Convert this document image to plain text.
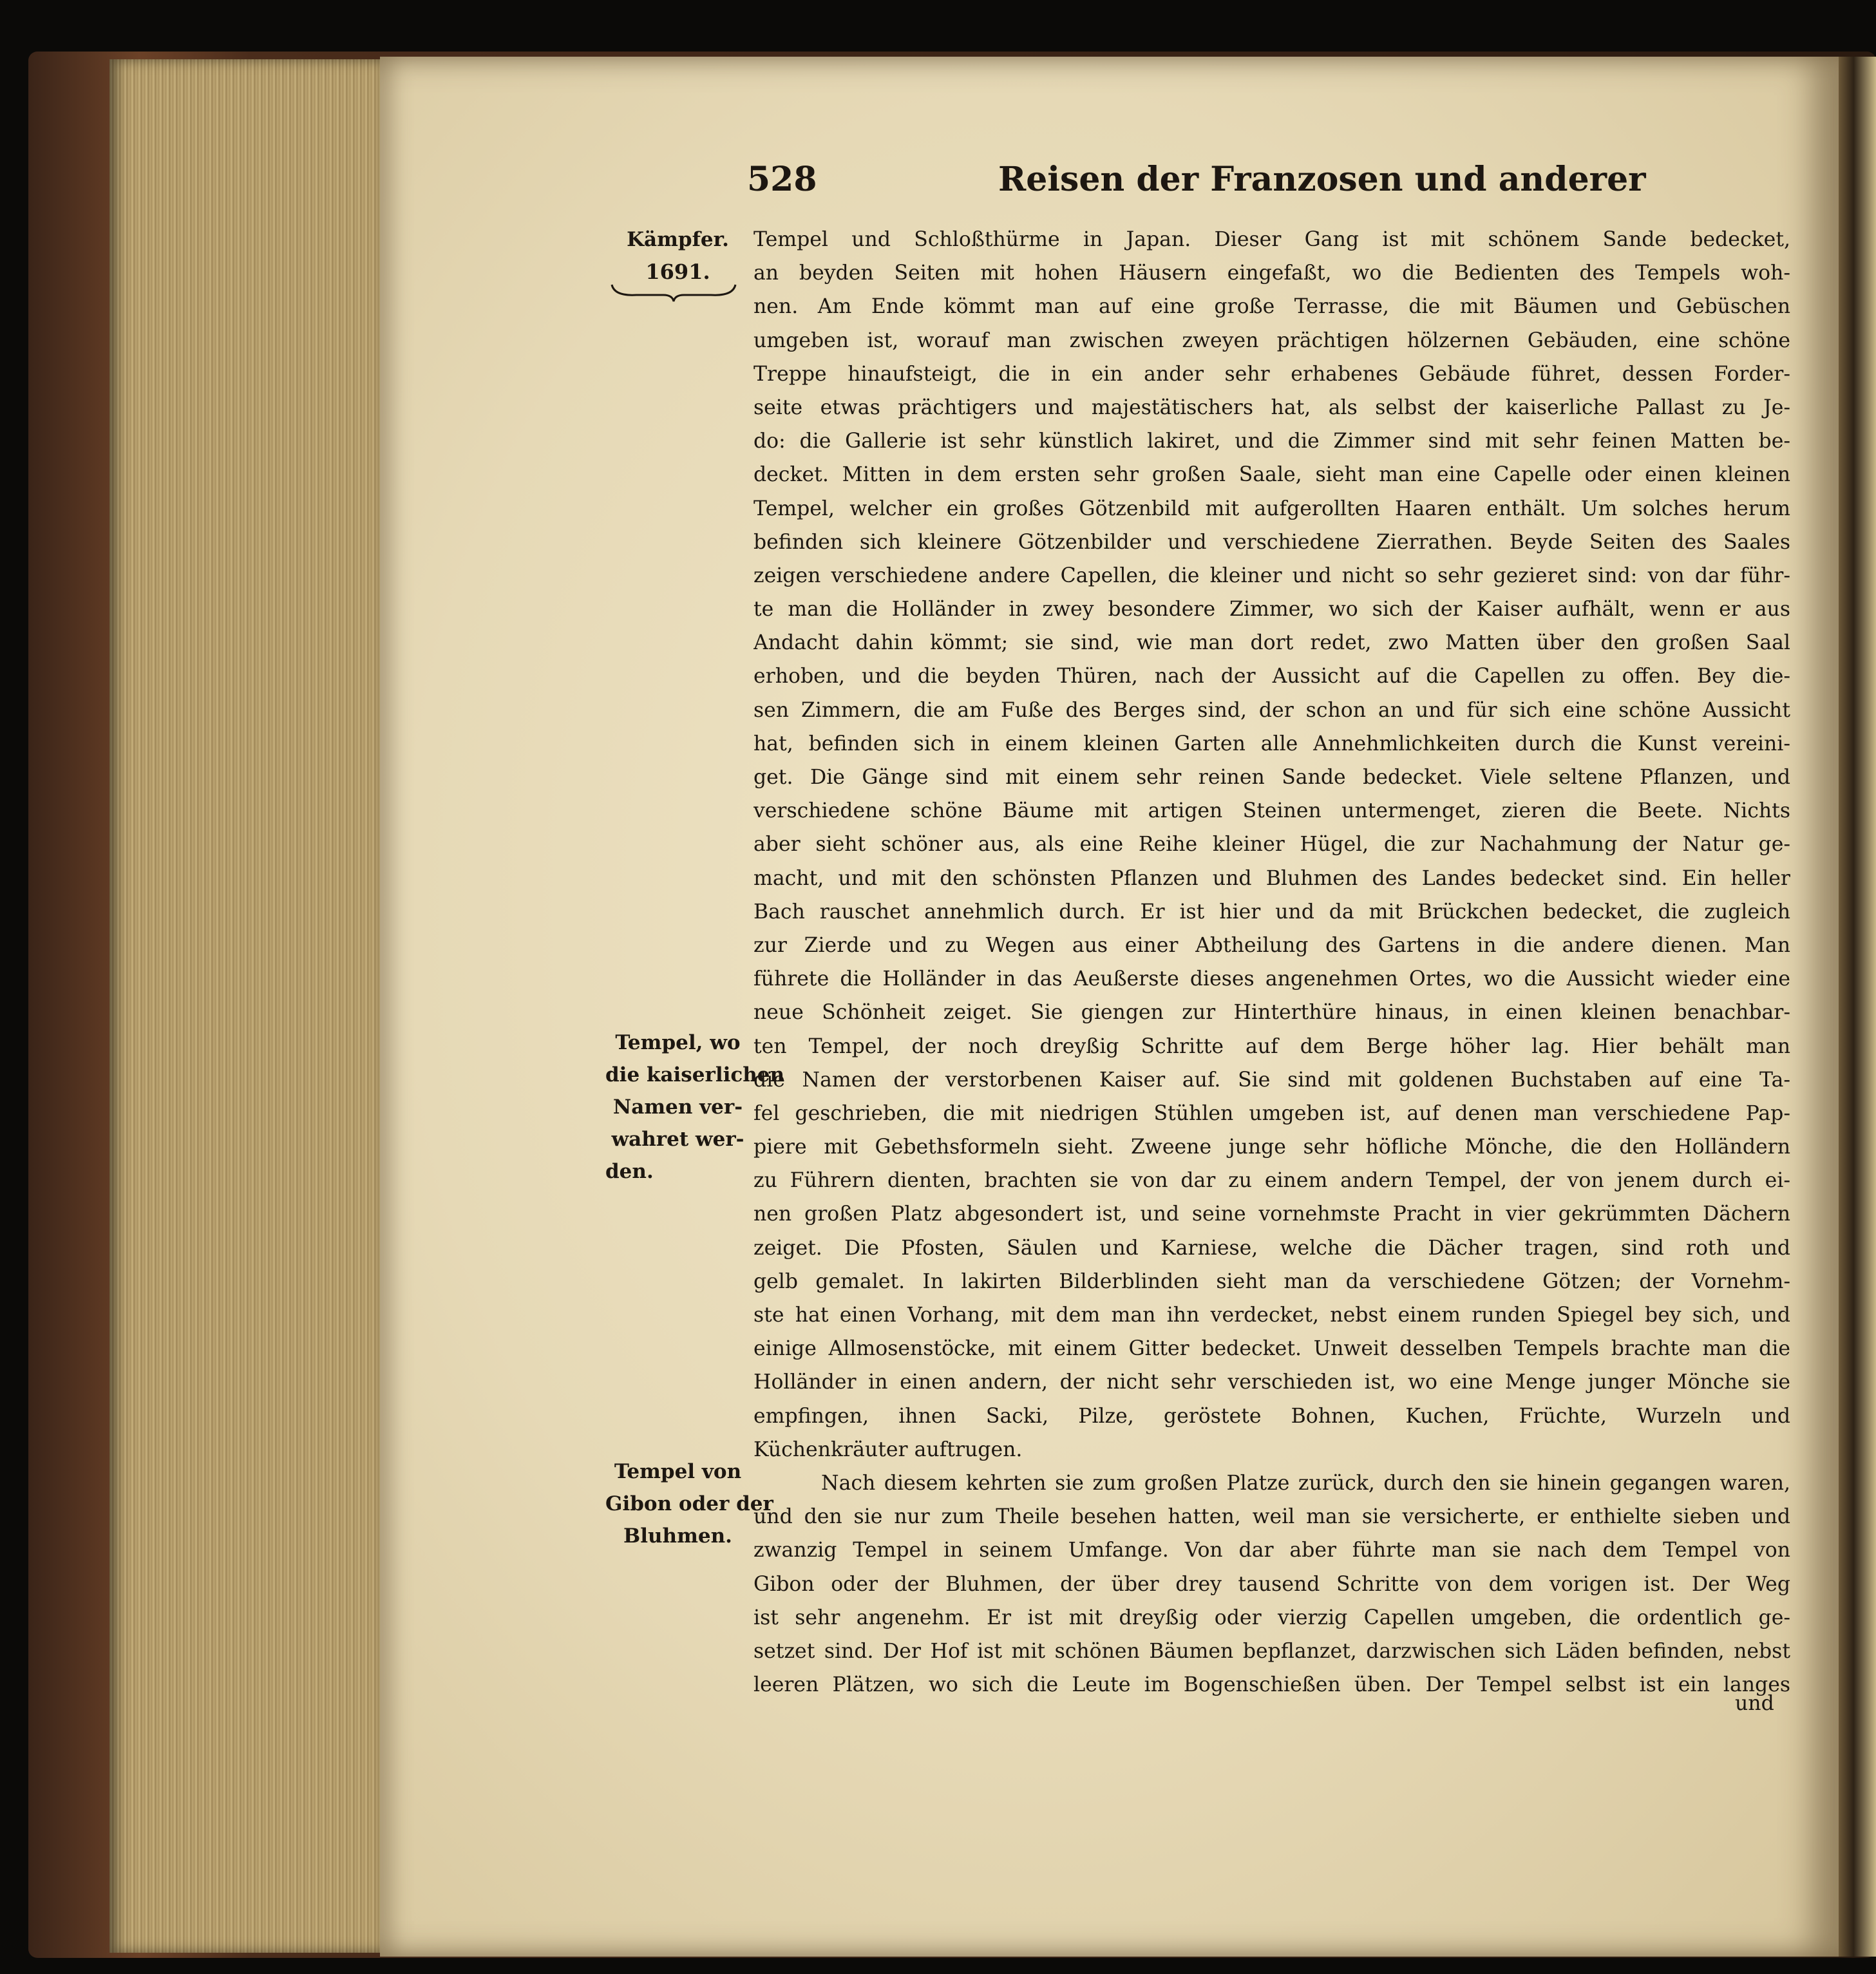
528	Reisen der Franzosen und anderer
Kämpfer.
1691.
Tempel, wo
die kaiserlichen
Namen ver-
wahret wer-
den.
Tempel von
Gibon oder der
Bluhmen.
Tempel und Schloßthürme in Japan. Dieser Gang ist mit schönem Sande bedecket,
an beyden Seiten mit hohen Häusern eingefaßt, wo die Bedienten des Tempels woh-
nen. Am Ende kömmt man auf eine große Terrasse, die mit Bäumen und Gebüschen
umgeben ist, worauf man zwischen zweyen prächtigen hölzernen Gebäuden, eine schöne
Treppe hinaufsteigt, die in ein ander sehr erhabenes Gebäude führet, dessen Forder-
seite etwas prächtigers und majestätischers hat, als selbst der kaiserliche Pallast zu Je-
do: die Gallerie ist sehr künstlich lakiret, und die Zimmer sind mit sehr feinen Matten be-
decket. Mitten in dem ersten sehr großen Saale, sieht man eine Capelle oder einen kleinen
Tempel, welcher ein großes Götzenbild mit aufgerollten Haaren enthält. Um solches herum
befinden sich kleinere Götzenbilder und verschiedene Zierrathen. Beyde Seiten des Saales
zeigen verschiedene andere Capellen, die kleiner und nicht so sehr gezieret sind: von dar führ-
te man die Holländer in zwey besondere Zimmer, wo sich der Kaiser aufhält, wenn er aus
Andacht dahin kömmt; sie sind, wie man dort redet, zwo Matten über den großen Saal
erhoben, und die beyden Thüren, nach der Aussicht auf die Capellen zu offen. Bey die-
sen Zimmern, die am Fuße des Berges sind, der schon an und für sich eine schöne Aussicht
hat, befinden sich in einem kleinen Garten alle Annehmlichkeiten durch die Kunst vereini-
get. Die Gänge sind mit einem sehr reinen Sande bedecket. Viele seltene Pflanzen, und
verschiedene schöne Bäume mit artigen Steinen untermenget, zieren die Beete. Nichts
aber sieht schöner aus, als eine Reihe kleiner Hügel, die zur Nachahmung der Natur ge-
macht, und mit den schönsten Pflanzen und Bluhmen des Landes bedecket sind. Ein heller
Bach rauschet annehmlich durch. Er ist hier und da mit Brückchen bedecket, die zugleich
zur Zierde und zu Wegen aus einer Abtheilung des Gartens in die andere dienen. Man
führete die Holländer in das Aeußerste dieses angenehmen Ortes, wo die Aussicht wieder eine
neue Schönheit zeiget. Sie giengen zur Hinterthüre hinaus, in einen kleinen benachbar-
ten Tempel, der noch dreyßig Schritte auf dem Berge höher lag. Hier behält man
die Namen der verstorbenen Kaiser auf. Sie sind mit goldenen Buchstaben auf eine Ta-
fel geschrieben, die mit niedrigen Stühlen umgeben ist, auf denen man verschiedene Pap-
piere mit Gebethsformeln sieht. Zweene junge sehr höfliche Mönche, die den Holländern
zu Führern dienten, brachten sie von dar zu einem andern Tempel, der von jenem durch ei-
nen großen Platz abgesondert ist, und seine vornehmste Pracht in vier gekrümmten Dächern
zeiget. Die Pfosten, Säulen und Karniese, welche die Dächer tragen, sind roth und
gelb gemalet. In lakirten Bilderblinden sieht man da verschiedene Götzen; der Vornehm-
ste hat einen Vorhang, mit dem man ihn verdecket, nebst einem runden Spiegel bey sich, und
einige Allmosenstöcke, mit einem Gitter bedecket. Unweit desselben Tempels brachte man die
Holländer in einen andern, der nicht sehr verschieden ist, wo eine Menge junger Mönche sie
empfingen, ihnen Sacki, Pilze, geröstete Bohnen, Kuchen, Früchte, Wurzeln und
Küchenkräuter auftrugen.
Nach diesem kehrten sie zum großen Platze zurück, durch den sie hinein gegangen waren,
und den sie nur zum Theile besehen hatten, weil man sie versicherte, er enthielte sieben und
zwanzig Tempel in seinem Umfange. Von dar aber führte man sie nach dem Tempel von
Gibon oder der Bluhmen, der über drey tausend Schritte von dem vorigen ist. Der Weg
ist sehr angenehm. Er ist mit dreyßig oder vierzig Capellen umgeben, die ordentlich ge-
setzet sind. Der Hof ist mit schönen Bäumen bepflanzet, darzwischen sich Läden befinden, nebst
leeren Plätzen, wo sich die Leute im Bogenschießen üben. Der Tempel selbst ist ein langes
und
